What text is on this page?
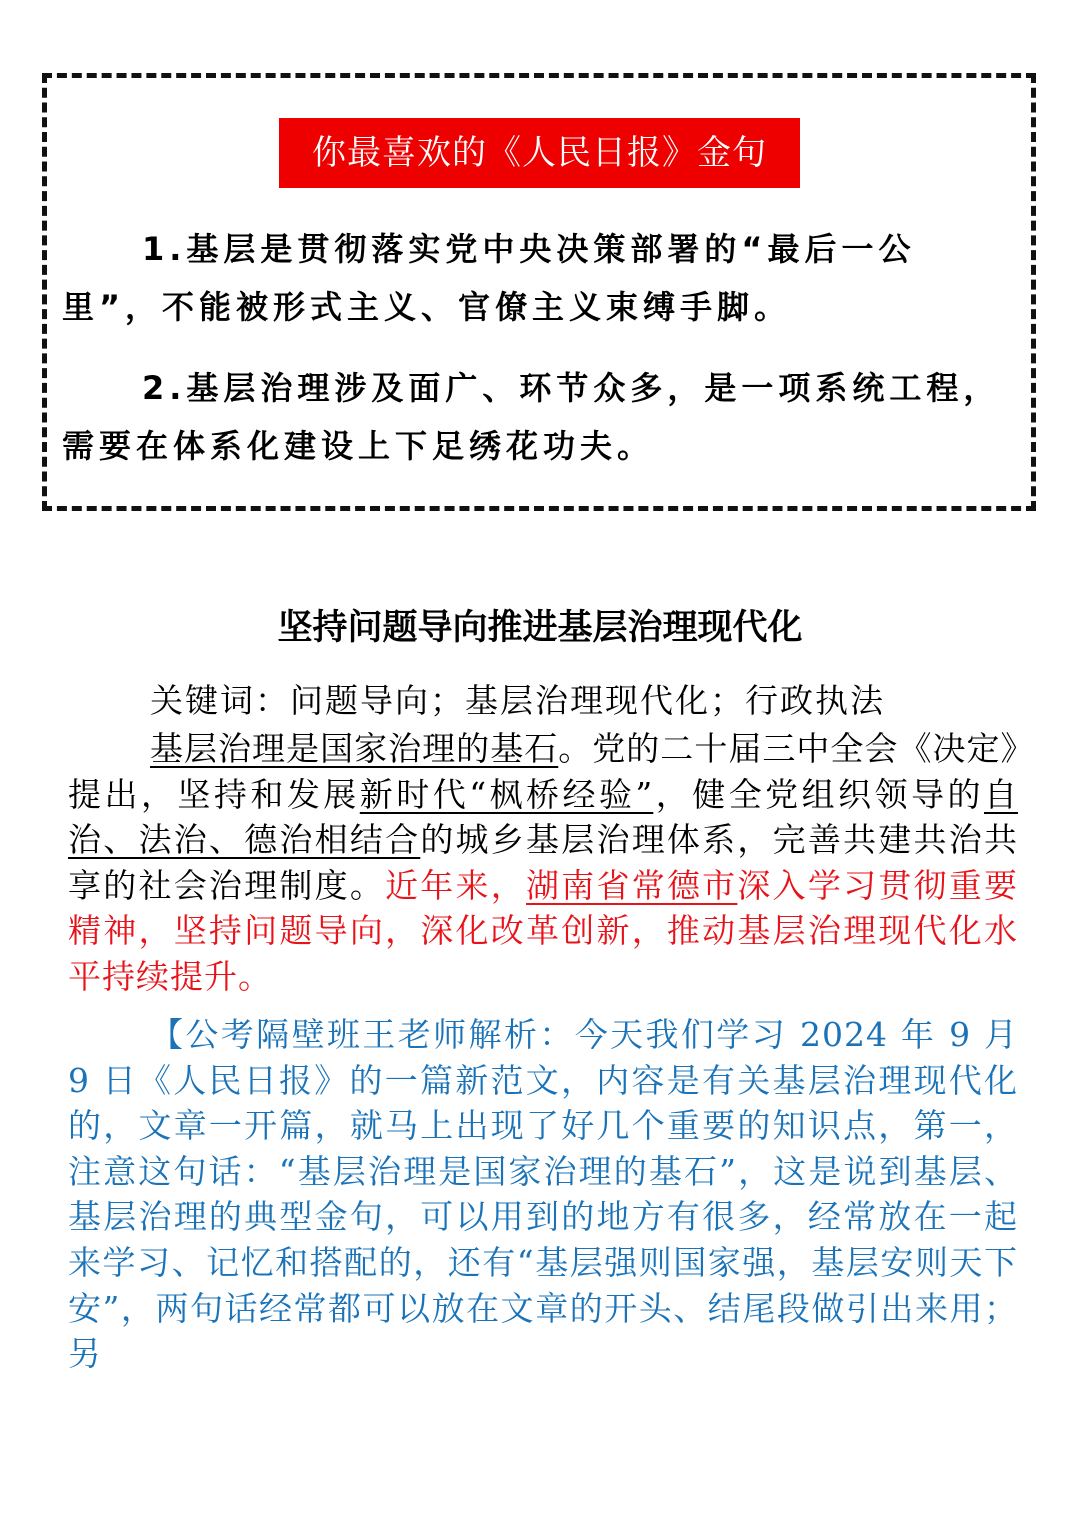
你最喜欢的《人民日报》金句

1.基层是贯彻落实党中央决策部署的“最后一公里”，不能被形式主义、官僚主义束缚手脚。

2.基层治理涉及面广、环节众多，是一项系统工程，需要在体系化建设上下足绣花功夫。

坚持问题导向推进基层治理现代化

关键词：问题导向；基层治理现代化；行政执法

基层治理是国家治理的基石。党的二十届三中全会《决定》提出，坚持和发展新时代“枫桥经验”，健全党组织领导的自治、法治、德治相结合的城乡基层治理体系，完善共建共治共享的社会治理制度。近年来，湖南省常德市深入学习贯彻重要精神，坚持问题导向，深化改革创新，推动基层治理现代化水平持续提升。

【公考隔壁班王老师解析：今天我们学习 2024 年 9 月 9 日《人民日报》的一篇新范文，内容是有关基层治理现代化的，文章一开篇，就马上出现了好几个重要的知识点，第一，注意这句话：“基层治理是国家治理的基石”，这是说到基层、基层治理的典型金句，可以用到的地方有很多，经常放在一起来学习、记忆和搭配的，还有“基层强则国家强，基层安则天下安”，两句话经常都可以放在文章的开头、结尾段做引出来用；另
